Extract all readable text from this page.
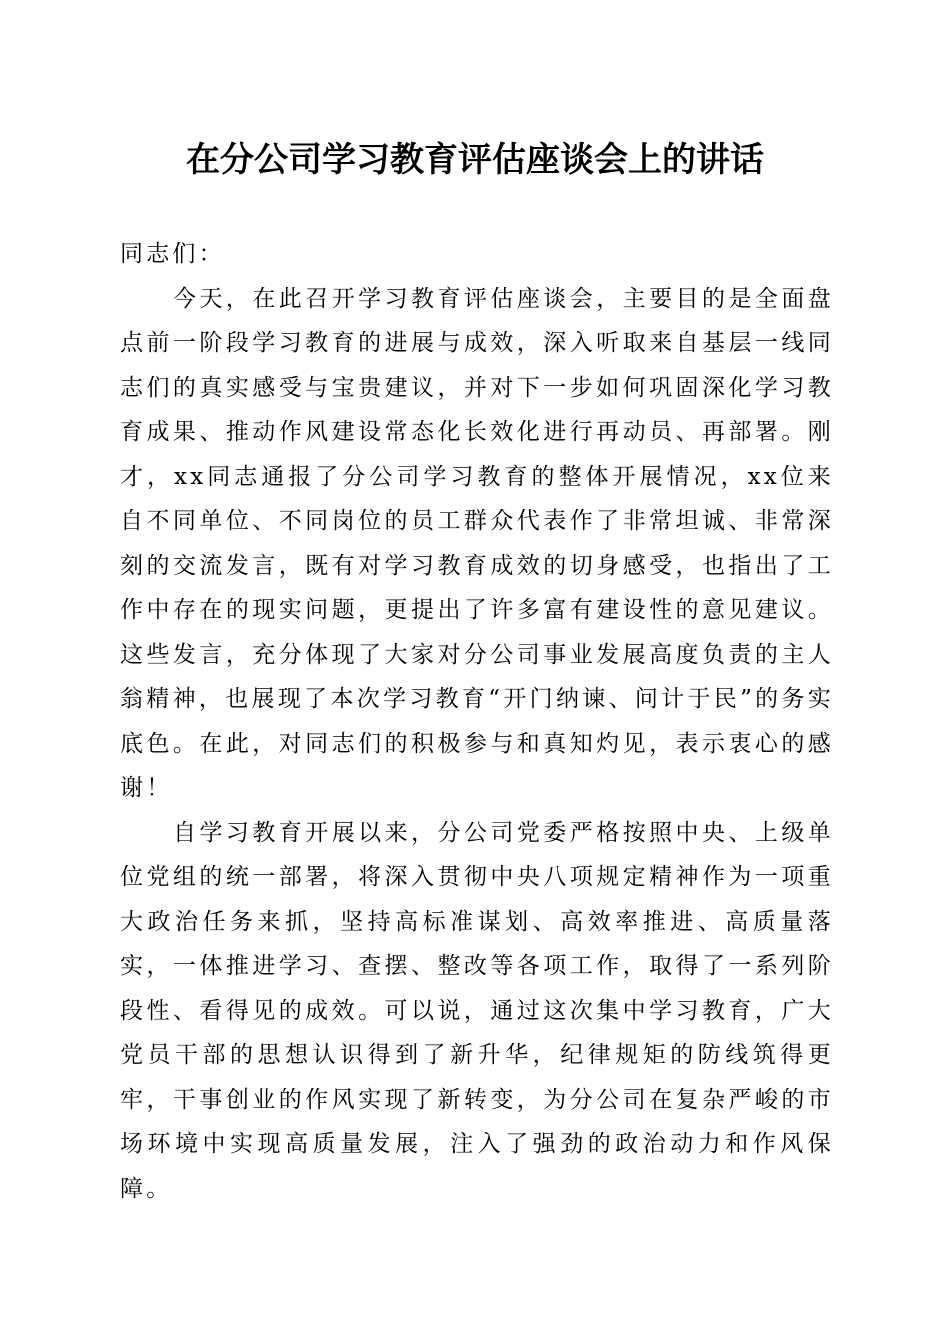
在分公司学习教育评估座谈会上的讲话

同志们：

今天，在此召开学习教育评估座谈会，主要目的是全面盘点前一阶段学习教育的进展与成效，深入听取来自基层一线同志们的真实感受与宝贵建议，并对下一步如何巩固深化学习教育成果、推动作风建设常态化长效化进行再动员、再部署。刚才，xx同志通报了分公司学习教育的整体开展情况，xx位来自不同单位、不同岗位的员工群众代表作了非常坦诚、非常深刻的交流发言，既有对学习教育成效的切身感受，也指出了工作中存在的现实问题，更提出了许多富有建设性的意见建议。这些发言，充分体现了大家对分公司事业发展高度负责的主人翁精神，也展现了本次学习教育“开门纳谏、问计于民”的务实底色。在此，对同志们的积极参与和真知灼见，表示衷心的感谢！

自学习教育开展以来，分公司党委严格按照中央、上级单位党组的统一部署，将深入贯彻中央八项规定精神作为一项重大政治任务来抓，坚持高标准谋划、高效率推进、高质量落实，一体推进学习、查摆、整改等各项工作，取得了一系列阶段性、看得见的成效。可以说，通过这次集中学习教育，广大党员干部的思想认识得到了新升华，纪律规矩的防线筑得更牢，干事创业的作风实现了新转变，为分公司在复杂严峻的市场环境中实现高质量发展，注入了强劲的政治动力和作风保障。
